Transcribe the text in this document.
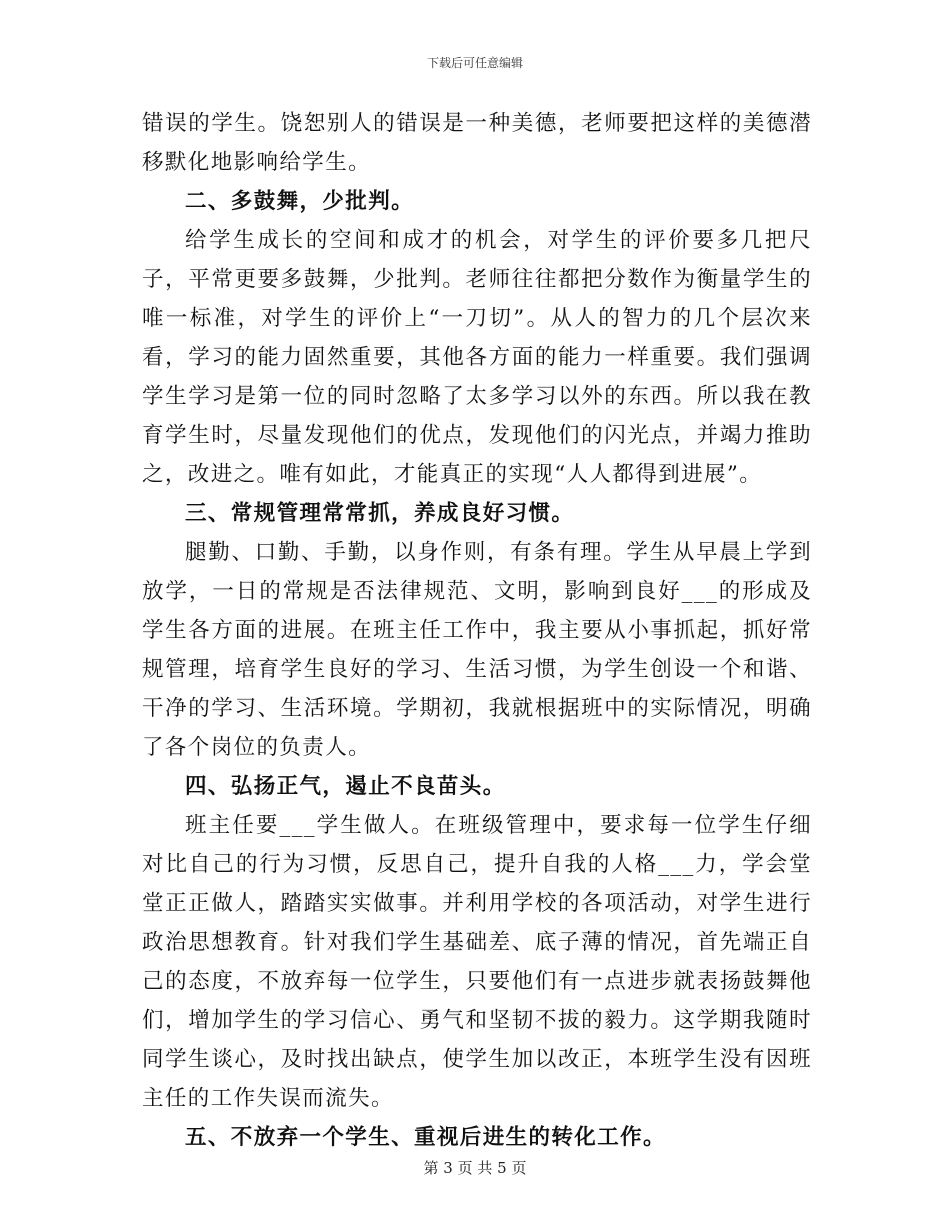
下载后可任意编辑

错误的学生。饶恕别人的错误是一种美德，老师要把这样的美德潜移默化地影响给学生。

二、多鼓舞，少批判。

给学生成长的空间和成才的机会，对学生的评价要多几把尺子，平常更要多鼓舞，少批判。老师往往都把分数作为衡量学生的唯一标准，对学生的评价上“一刀切”。从人的智力的几个层次来看，学习的能力固然重要，其他各方面的能力一样重要。我们强调学生学习是第一位的同时忽略了太多学习以外的东西。所以我在教育学生时，尽量发现他们的优点，发现他们的闪光点，并竭力推助之，改进之。唯有如此，才能真正的实现“人人都得到进展”。

三、常规管理常常抓，养成良好习惯。

腿勤、口勤、手勤，以身作则，有条有理。学生从早晨上学到放学，一日的常规是否法律规范、文明，影响到良好___的形成及学生各方面的进展。在班主任工作中，我主要从小事抓起，抓好常规管理，培育学生良好的学习、生活习惯，为学生创设一个和谐、干净的学习、生活环境。学期初，我就根据班中的实际情况，明确了各个岗位的负责人。

四、弘扬正气，遏止不良苗头。

班主任要___学生做人。在班级管理中，要求每一位学生仔细对比自己的行为习惯，反思自己，提升自我的人格___力，学会堂堂正正做人，踏踏实实做事。并利用学校的各项活动，对学生进行政治思想教育。针对我们学生基础差、底子薄的情况，首先端正自己的态度，不放弃每一位学生，只要他们有一点进步就表扬鼓舞他们，增加学生的学习信心、勇气和坚韧不拔的毅力。这学期我随时同学生谈心，及时找出缺点，使学生加以改正，本班学生没有因班主任的工作失误而流失。

五、不放弃一个学生、重视后进生的转化工作。

第 3 页 共 5 页
